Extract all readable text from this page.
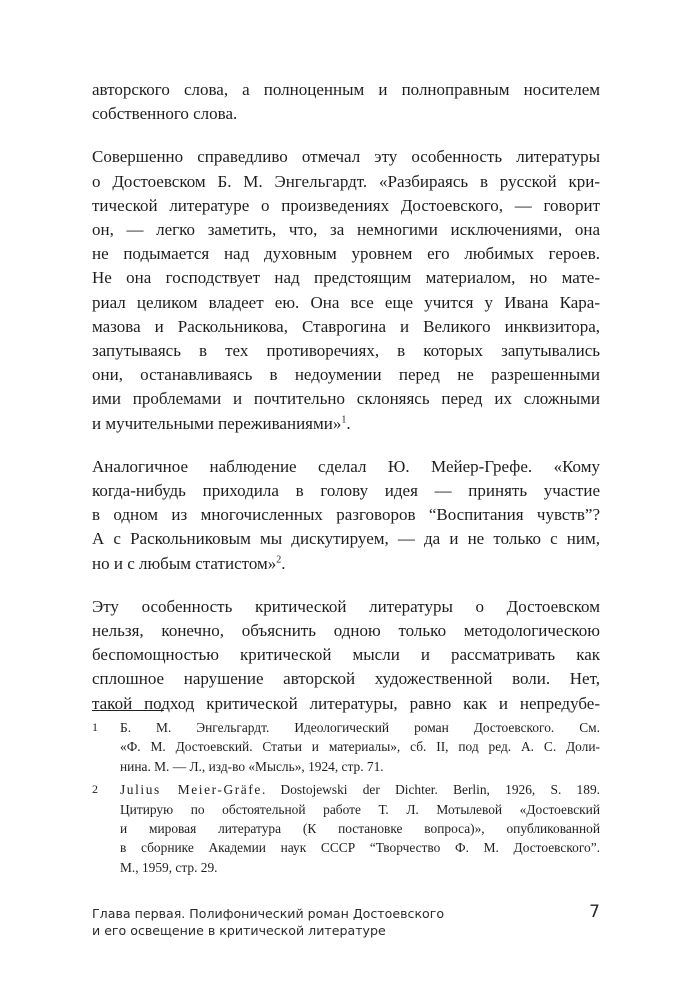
авторского слова, а полноценным и полноправным носителем
собственного слова.

Совершенно справедливо отмечал эту особенность литературы
о Достоевском Б. М. Энгельгардт. «Разбираясь в русской кри-
тической литературе о произведениях Достоевского, — говорит
он, — легко заметить, что, за немногими исключениями, она
не подымается над духовным уровнем его любимых героев.
Не она господствует над предстоящим материалом, но мате-
риал целиком владеет ею. Она все еще учится у Ивана Кара-
мазова и Раскольникова, Ставрогина и Великого инквизитора,
запутываясь в тех противоречиях, в которых запутывались
они, останавливаясь в недоумении перед не разрешенными
ими проблемами и почтительно склоняясь перед их сложными
и мучительными переживаниями»$^1$.

Аналогичное наблюдение сделал Ю. Мейер-Грефе. «Кому
когда-нибудь приходила в голову идея — принять участие
в одном из многочисленных разговоров “Воспитания чувств”?
А с Раскольниковым мы дискутируем, — да и не только с ним,
но и с любым статистом»$^2$.

Эту особенность критической литературы о Достоевском
нельзя, конечно, объяснить одною только методологическою
беспомощностью критической мысли и рассматривать как
сплошное нарушение авторской художественной воли. Нет,
такой подход критической литературы, равно как и непредубе-

1 Б. М. Энгельгардт. Идеологический роман Достоевского. См.
«Ф. М. Достоевский. Статьи и материалы», сб. II, под ред. А. С. Доли-
нина. М. — Л., изд-во «Мысль», 1924, стр. 71.
2 Julius Meier-Gräfe. Dostojewski der Dichter. Berlin, 1926, S. 189.
Цитирую по обстоятельной работе Т. Л. Мотылевой «Достоевский
и мировая литература (К постановке вопроса)», опубликованной
в сборнике Академии наук СССР “Творчество Ф. М. Достоевского”.
М., 1959, стр. 29.
Глава первая. Полифонический роман Достоевского
и его освещение в критической литературе
7
